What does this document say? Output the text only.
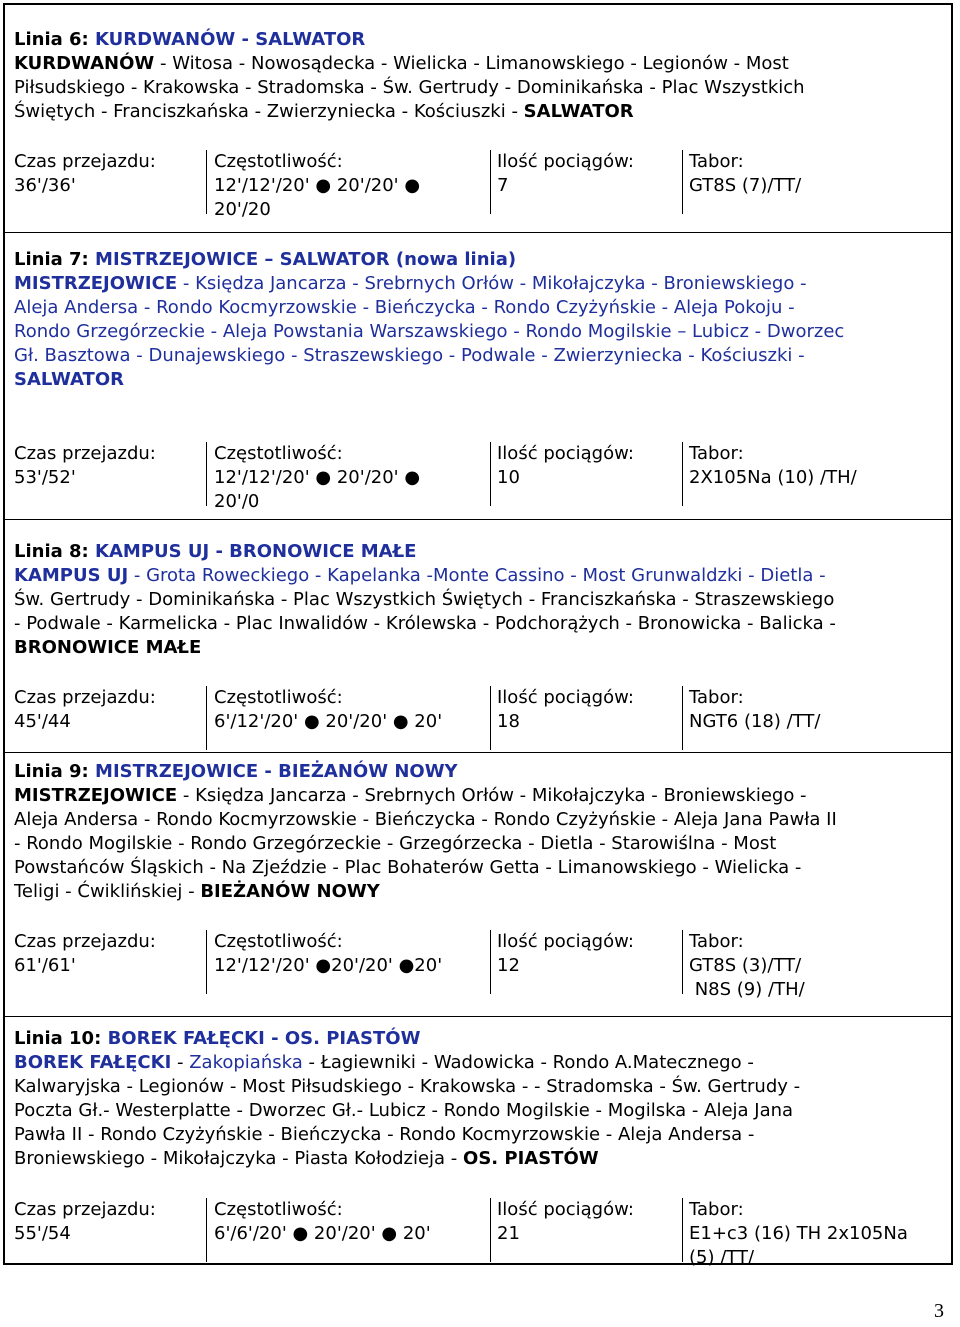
Linia 6: KURDWANÓW - SALWATOR
KURDWANÓW - Witosa - Nowosądecka - Wielicka - Limanowskiego - Legionów - Most
Piłsudskiego - Krakowska - Stradomska - Św. Gertrudy - Dominikańska - Plac Wszystkich
Świętych - Franciszkańska - Zwierzyniecka - Kościuszki - SALWATOR
Linia 7: MISTRZEJOWICE – SALWATOR (nowa linia)
MISTRZEJOWICE - Księdza Jancarza - Srebrnych Orłów - Mikołajczyka - Broniewskiego -
Aleja Andersa - Rondo Kocmyrzowskie - Bieńczycka - Rondo Czyżyńskie - Aleja Pokoju -
Rondo Grzegórzeckie - Aleja Powstania Warszawskiego - Rondo Mogilskie – Lubicz - Dworzec
Gł. Basztowa - Dunajewskiego - Straszewskiego - Podwale - Zwierzyniecka - Kościuszki -
SALWATOR
Linia 8: KAMPUS UJ - BRONOWICE MAŁE
KAMPUS UJ - Grota Roweckiego - Kapelanka -Monte Cassino - Most Grunwaldzki - Dietla -
Św. Gertrudy - Dominikańska - Plac Wszystkich Świętych - Franciszkańska - Straszewskiego
- Podwale - Karmelicka - Plac Inwalidów - Królewska - Podchorążych - Bronowicka - Balicka -
BRONOWICE MAŁE
Linia 9: MISTRZEJOWICE - BIEŻANÓW NOWY
MISTRZEJOWICE - Księdza Jancarza - Srebrnych Orłów - Mikołajczyka - Broniewskiego -
Aleja Andersa - Rondo Kocmyrzowskie - Bieńczycka - Rondo Czyżyńskie - Aleja Jana Pawła II
- Rondo Mogilskie - Rondo Grzegórzeckie - Grzegórzecka - Dietla - Starowiślna - Most
Powstańców Śląskich - Na Zjeździe - Plac Bohaterów Getta - Limanowskiego - Wielicka -
Teligi - Ćwiklińskiej - BIEŻANÓW NOWY
Linia 10: BOREK FAŁĘCKI - OS. PIASTÓW
BOREK FAŁĘCKI - Zakopiańska - Łagiewniki - Wadowicka - Rondo A.Matecznego -
Kalwaryjska - Legionów - Most Piłsudskiego - Krakowska - - Stradomska - Św. Gertrudy -
Poczta Gł.- Westerplatte - Dworzec Gł.- Lubicz - Rondo Mogilskie - Mogilska - Aleja Jana
Pawła II - Rondo Czyżyńskie - Bieńczycka - Rondo Kocmyrzowskie - Aleja Andersa -
Broniewskiego - Mikołajczyka - Piasta Kołodzieja - OS. PIASTÓW
3
Czas przejazdu:
36'/36'
Częstotliwość:
12'/12'/20' ● 20'/20' ●
20'/20
Ilość pociągów:
7
Tabor:
GT8S (7)/TT/
Czas przejazdu:
53'/52'
Częstotliwość:
12'/12'/20' ● 20'/20' ●
20'/0
Ilość pociągów:
10
Tabor:
2X105Na (10) /TH/
Czas przejazdu:
45'/44
Częstotliwość:
6'/12'/20' ● 20'/20' ● 20'
Ilość pociągów:
18
Tabor:
NGT6 (18) /TT/
Czas przejazdu:
61'/61'
Częstotliwość:
12'/12'/20' ●20'/20' ●20'
Ilość pociągów:
12
Tabor:
GT8S (3)/TT/
N8S (9) /TH/
Czas przejazdu:
55'/54
Częstotliwość:
6'/6'/20' ● 20'/20' ● 20'
Ilość pociągów:
21
Tabor:
E1+c3 (16) TH 2x105Na
(5) /TT/
